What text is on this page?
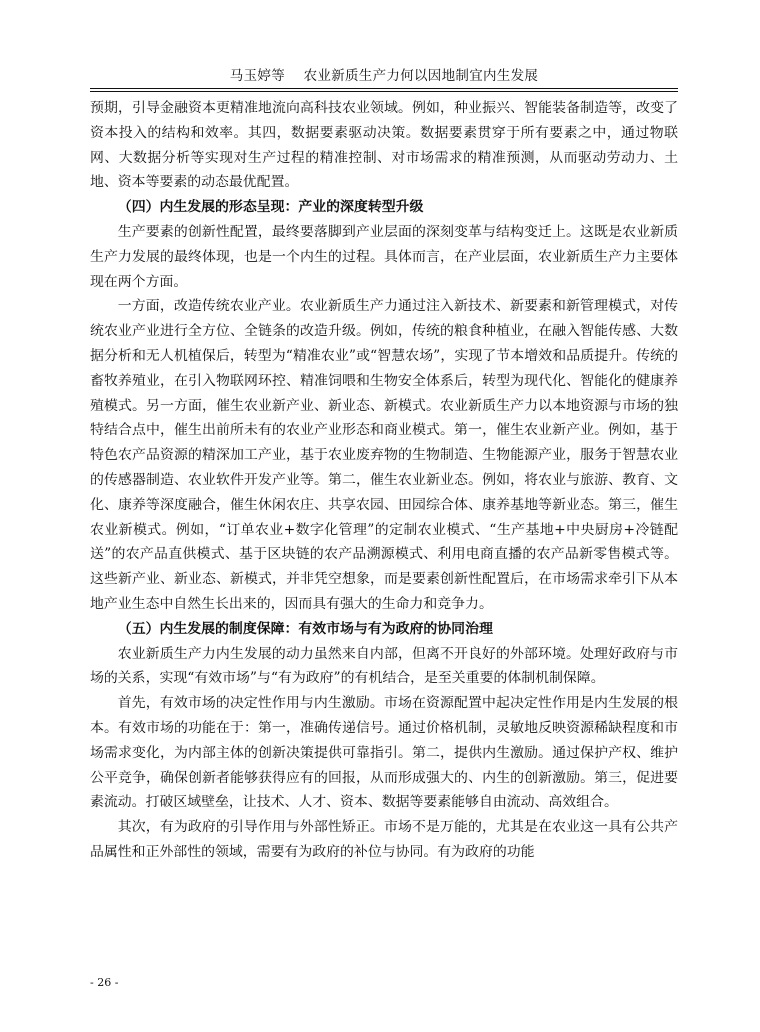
马玉婷等 农业新质生产力何以因地制宜内生发展

预期，引导金融资本更精准地流向高科技农业领域。例如，种业振兴、智能装备制造等，改变了资本投入的结构和效率。其四，数据要素驱动决策。数据要素贯穿于所有要素之中，通过物联网、大数据分析等实现对生产过程的精准控制、对市场需求的精准预测，从而驱动劳动力、土地、资本等要素的动态最优配置。

（四）内生发展的形态呈现：产业的深度转型升级

生产要素的创新性配置，最终要落脚到产业层面的深刻变革与结构变迁上。这既是农业新质生产力发展的最终体现，也是一个内生的过程。具体而言，在产业层面，农业新质生产力主要体现在两个方面。

一方面，改造传统农业产业。农业新质生产力通过注入新技术、新要素和新管理模式，对传统农业产业进行全方位、全链条的改造升级。例如，传统的粮食种植业，在融入智能传感、大数据分析和无人机植保后，转型为“精准农业”或“智慧农场”，实现了节本增效和品质提升。传统的畜牧养殖业，在引入物联网环控、精准饲喂和生物安全体系后，转型为现代化、智能化的健康养殖模式。另一方面，催生农业新产业、新业态、新模式。农业新质生产力以本地资源与市场的独特结合点中，催生出前所未有的农业产业形态和商业模式。第一，催生农业新产业。例如，基于特色农产品资源的精深加工产业，基于农业废弃物的生物制造、生物能源产业，服务于智慧农业的传感器制造、农业软件开发产业等。第二，催生农业新业态。例如，将农业与旅游、教育、文化、康养等深度融合，催生休闲农庄、共享农园、田园综合体、康养基地等新业态。第三，催生农业新模式。例如，“订单农业+数字化管理”的定制农业模式、“生产基地+中央厨房+冷链配送”的农产品直供模式、基于区块链的农产品溯源模式、利用电商直播的农产品新零售模式等。这些新产业、新业态、新模式，并非凭空想象，而是要素创新性配置后，在市场需求牵引下从本地产业生态中自然生长出来的，因而具有强大的生命力和竞争力。

（五）内生发展的制度保障：有效市场与有为政府的协同治理

农业新质生产力内生发展的动力虽然来自内部，但离不开良好的外部环境。处理好政府与市场的关系，实现“有效市场”与“有为政府”的有机结合，是至关重要的体制机制保障。

首先，有效市场的决定性作用与内生激励。市场在资源配置中起决定性作用是内生发展的根本。有效市场的功能在于：第一，准确传递信号。通过价格机制，灵敏地反映资源稀缺程度和市场需求变化，为内部主体的创新决策提供可靠指引。第二，提供内生激励。通过保护产权、维护公平竞争，确保创新者能够获得应有的回报，从而形成强大的、内生的创新激励。第三，促进要素流动。打破区域壁垒，让技术、人才、资本、数据等要素能够自由流动、高效组合。

其次，有为政府的引导作用与外部性矫正。市场不是万能的，尤其是在农业这一具有公共产品属性和正外部性的领域，需要有为政府的补位与协同。有为政府的功能

- 26 -
